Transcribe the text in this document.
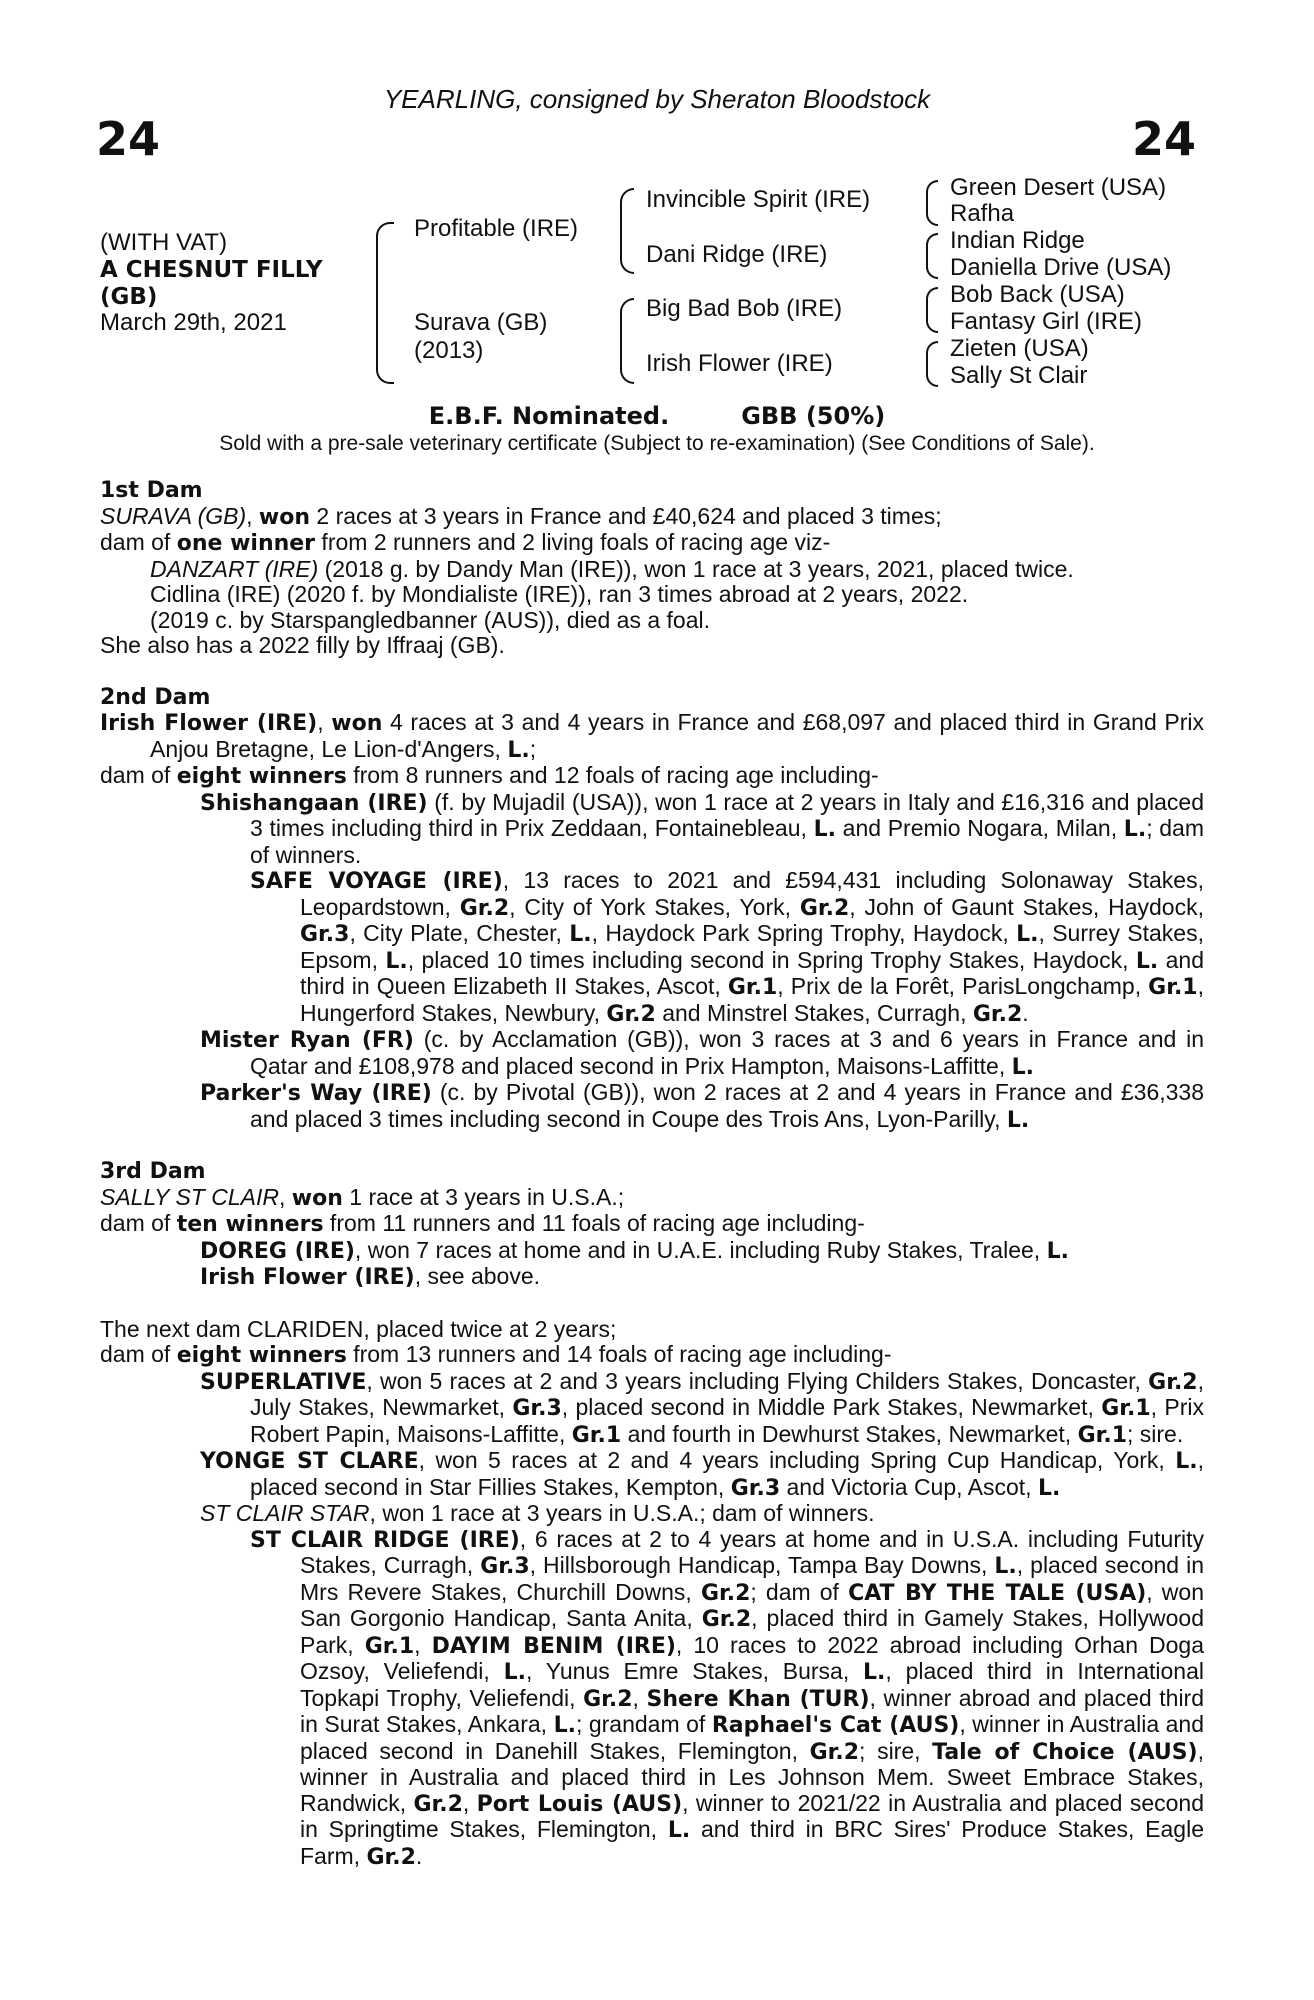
YEARLING, consigned by Sheraton Bloodstock
24	24
(WITH VAT)
A CHESNUT FILLY
(GB)
March 29th, 2021
Profitable (IRE)
Surava (GB)
(2013)
Invincible Spirit (IRE)
Dani Ridge (IRE)
Big Bad Bob (IRE)
Irish Flower (IRE)
Green Desert (USA)
Rafha
Indian Ridge
Daniella Drive (USA)
Bob Back (USA)
Fantasy Girl (IRE)
Zieten (USA)
Sally St Clair
E.B.F. Nominated.	GBB (50%)
Sold with a pre-sale veterinary certificate (Subject to re-examination) (See Conditions of Sale).

1st Dam

SURAVA (GB), won 2 races at 3 years in France and £40,624 and placed 3 times;

dam of one winner from 2 runners and 2 living foals of racing age viz-

DANZART (IRE) (2018 g. by Dandy Man (IRE)), won 1 race at 3 years, 2021, placed twice.

Cidlina (IRE) (2020 f. by Mondialiste (IRE)), ran 3 times abroad at 2 years, 2022.

(2019 c. by Starspangledbanner (AUS)), died as a foal.

She also has a 2022 filly by Iffraaj (GB).

2nd Dam

Irish Flower (IRE), won 4 races at 3 and 4 years in France and £68,097 and placed third in Grand Prix Anjou Bretagne, Le Lion-d'Angers, L.;

dam of eight winners from 8 runners and 12 foals of racing age including-

Shishangaan (IRE) (f. by Mujadil (USA)), won 1 race at 2 years in Italy and £16,316 and placed 3 times including third in Prix Zeddaan, Fontainebleau, L. and Premio Nogara, Milan, L.; dam of winners.

SAFE VOYAGE (IRE), 13 races to 2021 and £594,431 including Solonaway Stakes, Leopardstown, Gr.2, City of York Stakes, York, Gr.2, John of Gaunt Stakes, Haydock, Gr.3, City Plate, Chester, L., Haydock Park Spring Trophy, Haydock, L., Surrey Stakes, Epsom, L., placed 10 times including second in Spring Trophy Stakes, Haydock, L. and third in Queen Elizabeth II Stakes, Ascot, Gr.1, Prix de la Forêt, ParisLongchamp, Gr.1, Hungerford Stakes, Newbury, Gr.2 and Minstrel Stakes, Curragh, Gr.2.

Mister Ryan (FR) (c. by Acclamation (GB)), won 3 races at 3 and 6 years in France and in Qatar and £108,978 and placed second in Prix Hampton, Maisons-Laffitte, L.

Parker's Way (IRE) (c. by Pivotal (GB)), won 2 races at 2 and 4 years in France and £36,338 and placed 3 times including second in Coupe des Trois Ans, Lyon-Parilly, L.

3rd Dam

SALLY ST CLAIR, won 1 race at 3 years in U.S.A.;

dam of ten winners from 11 runners and 11 foals of racing age including-

DOREG (IRE), won 7 races at home and in U.A.E. including Ruby Stakes, Tralee, L.

Irish Flower (IRE), see above.

The next dam CLARIDEN, placed twice at 2 years;

dam of eight winners from 13 runners and 14 foals of racing age including-

SUPERLATIVE, won 5 races at 2 and 3 years including Flying Childers Stakes, Doncaster, Gr.2, July Stakes, Newmarket, Gr.3, placed second in Middle Park Stakes, Newmarket, Gr.1, Prix Robert Papin, Maisons-Laffitte, Gr.1 and fourth in Dewhurst Stakes, Newmarket, Gr.1; sire.

YONGE ST CLARE, won 5 races at 2 and 4 years including Spring Cup Handicap, York, L., placed second in Star Fillies Stakes, Kempton, Gr.3 and Victoria Cup, Ascot, L.

ST CLAIR STAR, won 1 race at 3 years in U.S.A.; dam of winners.

ST CLAIR RIDGE (IRE), 6 races at 2 to 4 years at home and in U.S.A. including Futurity Stakes, Curragh, Gr.3, Hillsborough Handicap, Tampa Bay Downs, L., placed second in Mrs Revere Stakes, Churchill Downs, Gr.2; dam of CAT BY THE TALE (USA), won San Gorgonio Handicap, Santa Anita, Gr.2, placed third in Gamely Stakes, Hollywood Park, Gr.1, DAYIM BENIM (IRE), 10 races to 2022 abroad including Orhan Doga Ozsoy, Veliefendi, L., Yunus Emre Stakes, Bursa, L., placed third in International Topkapi Trophy, Veliefendi, Gr.2, Shere Khan (TUR), winner abroad and placed third in Surat Stakes, Ankara, L.; grandam of Raphael's Cat (AUS), winner in Australia and placed second in Danehill Stakes, Flemington, Gr.2; sire, Tale of Choice (AUS), winner in Australia and placed third in Les Johnson Mem. Sweet Embrace Stakes, Randwick, Gr.2, Port Louis (AUS), winner to 2021/22 in Australia and placed second in Springtime Stakes, Flemington, L. and third in BRC Sires' Produce Stakes, Eagle Farm, Gr.2.
